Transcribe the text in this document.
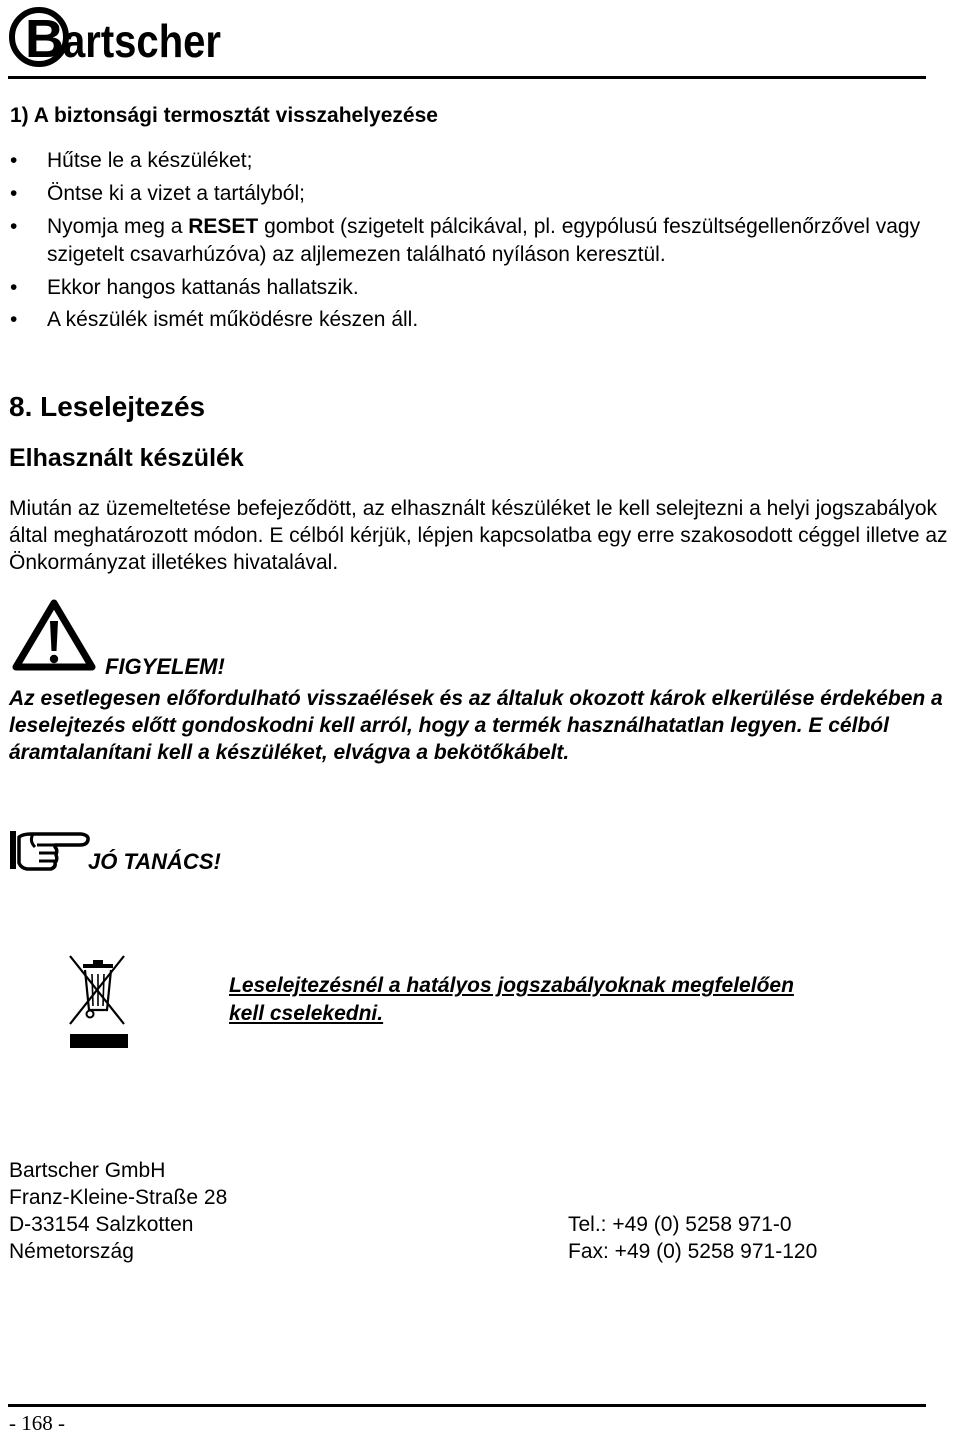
B artscher
1) A biztonsági termosztát visszahelyezése
•	Hűtse le a készüléket;
•	Öntse ki a vizet a tartályból;
•	Nyomja meg a RESET gombot (szigetelt pálcikával, pl. egypólusú feszültségellenőrzővel vagy szigetelt csavarhúzóva) az aljlemezen található nyíláson keresztül.
•	Ekkor hangos kattanás hallatszik.
•	A készülék ismét működésre készen áll.
8. Leselejtezés
Elhasznált készülék
Miután az üzemeltetése befejeződött, az elhasznált készüléket le kell selejtezni a helyi jogszabályok által meghatározott módon. E célból kérjük, lépjen kapcsolatba egy erre szakosodott céggel illetve az Önkormányzat illetékes hivatalával.
FIGYELEM!
Az esetlegesen előfordulható visszaélések és az általuk okozott károk elkerülése érdekében a leselejtezés előtt gondoskodni kell arról, hogy a termék használhatatlan legyen. E célból áramtalanítani kell a készüléket, elvágva a bekötőkábelt.
JÓ TANÁCS!
Leselejtezésnél a hatályos jogszabályoknak megfelelően kell cselekedni.
Bartscher GmbH
Franz-Kleine-Straße 28
D-33154 Salzkotten
Németország
Tel.: +49 (0) 5258 971-0
Fax: +49 (0) 5258 971-120
- 168 -
